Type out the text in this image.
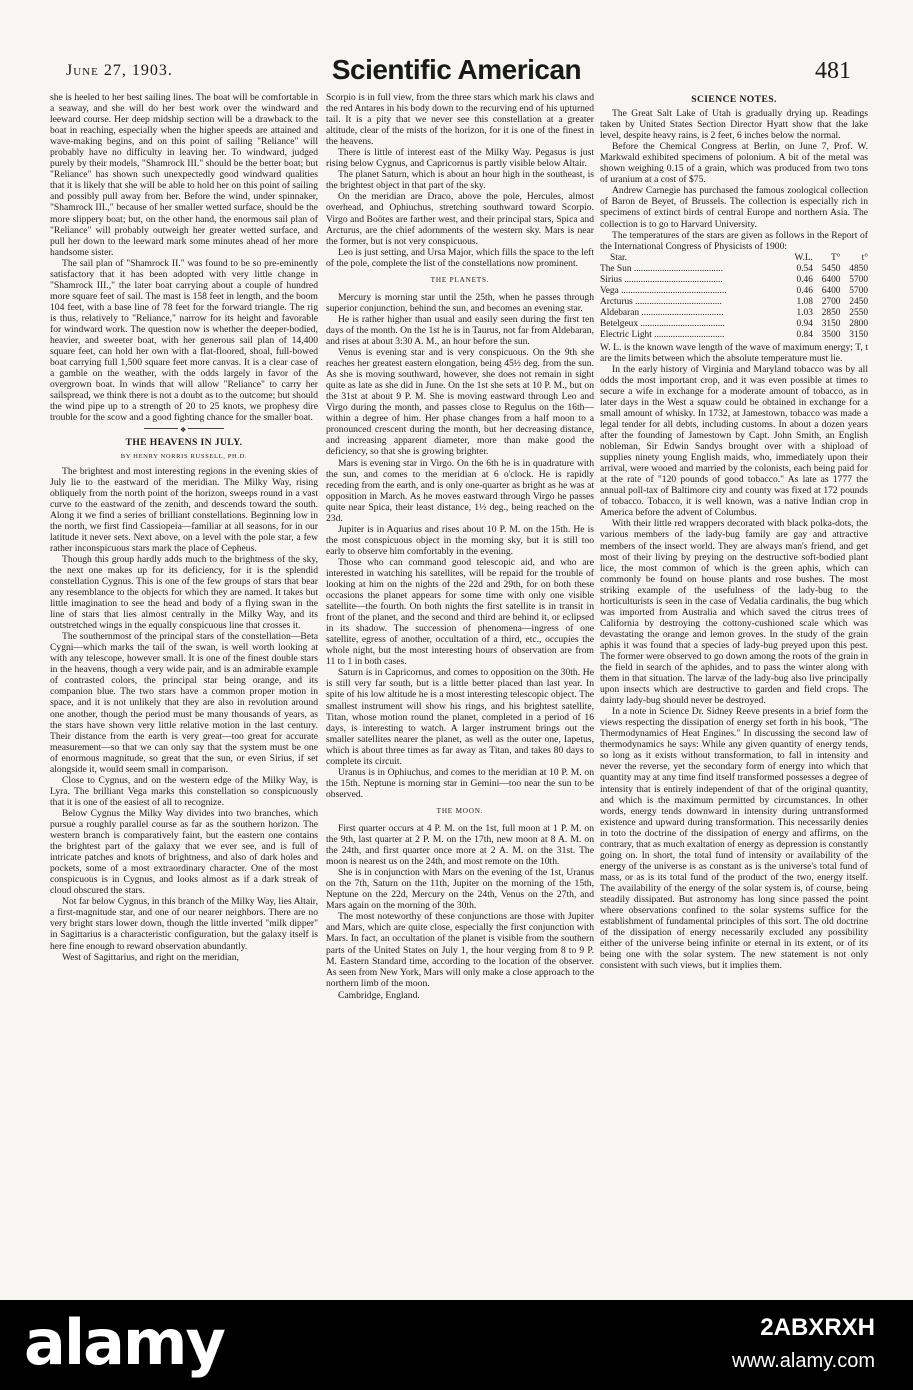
June 27, 1903.	Scientific American	481

she is heeled to her best sailing lines. The boat will be comfortable in a seaway, and she will do her best work over the windward and leeward course. Her deep midship section will be a drawback to the boat in reaching, especially when the higher speeds are attained and wave-making begins, and on this point of sailing "Reliance" will probably have no difficulty in leaving her. To windward, judged purely by their models, "Shamrock III." should be the better boat; but "Reliance" has shown such unexpectedly good windward qualities that it is likely that she will be able to hold her on this point of sailing and possibly pull away from her. Before the wind, under spinnaker, "Shamrock III.," because of her smaller wetted surface, should be the more slippery boat; but, on the other hand, the enormous sail plan of "Reliance" will probably outweigh her greater wetted surface, and pull her down to the leeward mark some minutes ahead of her more handsome sister.

The sail plan of "Shamrock II." was found to be so pre-eminently satisfactory that it has been adopted with very little change in "Shamrock III.," the later boat carrying about a couple of hundred more square feet of sail. The mast is 158 feet in length, and the boom 104 feet, with a base line of 78 feet for the forward triangle. The rig is thus, relatively to "Reliance," narrow for its height and favorable for windward work. The question now is whether the deeper-bodied, heavier, and sweeter boat, with her generous sail plan of 14,400 square feet, can hold her own with a flat-floored, shoal, full-bowed boat carrying full 1,500 square feet more canvas. It is a clear case of a gamble on the weather, with the odds largely in favor of the overgrown boat. In winds that will allow "Reliance" to carry her sailspread, we think there is not a doubt as to the outcome; but should the wind pipe up to a strength of 20 to 25 knots, we prophesy dire trouble for the scow and a good fighting chance for the smaller boat.

❖
THE HEAVENS IN JULY.
BY HENRY NORRIS RUSSELL, PH.D.

The brightest and most interesting regions in the evening skies of July lie to the eastward of the meridian. The Milky Way, rising obliquely from the north point of the horizon, sweeps round in a vast curve to the eastward of the zenith, and descends toward the south. Along it we find a series of brilliant constellations. Beginning low in the north, we first find Cassiopeia—familiar at all seasons, for in our latitude it never sets. Next above, on a level with the pole star, a few rather inconspicuous stars mark the place of Cepheus.

Though this group hardly adds much to the brightness of the sky, the next one makes up for its deficiency, for it is the splendid constellation Cygnus. This is one of the few groups of stars that bear any resemblance to the objects for which they are named. It takes but little imagination to see the head and body of a flying swan in the line of stars that lies almost centrally in the Milky Way, and its outstretched wings in the equally conspicuous line that crosses it.

The southernmost of the principal stars of the constellation—Beta Cygni—which marks the tail of the swan, is well worth looking at with any telescope, however small. It is one of the finest double stars in the heavens, though a very wide pair, and is an admirable example of contrasted colors, the principal star being orange, and its companion blue. The two stars have a common proper motion in space, and it is not unlikely that they are also in revolution around one another, though the period must be many thousands of years, as the stars have shown very little relative motion in the last century. Their distance from the earth is very great—too great for accurate measurement—so that we can only say that the system must be one of enormous magnitude, so great that the sun, or even Sirius, if set alongside it, would seem small in comparison.

Close to Cygnus, and on the western edge of the Milky Way, is Lyra. The brilliant Vega marks this constellation so conspicuously that it is one of the easiest of all to recognize.

Below Cygnus the Milky Way divides into two branches, which pursue a roughly parallel course as far as the southern horizon. The western branch is comparatively faint, but the eastern one contains the brightest part of the galaxy that we ever see, and is full of intricate patches and knots of brightness, and also of dark holes and pockets, some of a most extraordinary character. One of the most conspicuous is in Cygnus, and looks almost as if a dark streak of cloud obscured the stars.

Not far below Cygnus, in this branch of the Milky Way, lies Altair, a first-magnitude star, and one of our nearer neighbors. There are no very bright stars lower down, though the little inverted "milk dipper" in Sagittarius is a characteristic configuration, but the galaxy itself is here fine enough to reward observation abundantly.

West of Sagittarius, and right on the meridian,

Scorpio is in full view, from the three stars which mark his claws and the red Antares in his body down to the recurving end of his upturned tail. It is a pity that we never see this constellation at a greater altitude, clear of the mists of the horizon, for it is one of the finest in the heavens.

There is little of interest east of the Milky Way. Pegasus is just rising below Cygnus, and Capricornus is partly visible below Altair.

The planet Saturn, which is about an hour high in the southeast, is the brightest object in that part of the sky.

On the meridian are Draco, above the pole, Hercules, almost overhead, and Ophiuchus, stretching southward toward Scorpio. Virgo and Boötes are farther west, and their principal stars, Spica and Arcturus, are the chief adornments of the western sky. Mars is near the former, but is not very conspicuous.

Leo is just setting, and Ursa Major, which fills the space to the left of the pole, complete the list of the constellations now prominent.

THE PLANETS.

Mercury is morning star until the 25th, when he passes through superior conjunction, behind the sun, and becomes an evening star.

He is rather higher than usual and easily seen during the first ten days of the month. On the 1st he is in Taurus, not far from Aldebaran, and rises at about 3:30 A. M., an hour before the sun.

Venus is evening star and is very conspicuous. On the 9th she reaches her greatest eastern elongation, being 45½ deg. from the sun. As she is moving southward, however, she does not remain in sight quite as late as she did in June. On the 1st she sets at 10 P. M., but on the 31st at about 9 P. M. She is moving eastward through Leo and Virgo during the month, and passes close to Regulus on the 16th—within a degree of him. Her phase changes from a half moon to a pronounced crescent during the month, but her decreasing distance, and increasing apparent diameter, more than make good the deficiency, so that she is growing brighter.

Mars is evening star in Virgo. On the 6th he is in quadrature with the sun, and comes to the meridian at 6 o'clock. He is rapidly receding from the earth, and is only one-quarter as bright as he was at opposition in March. As he moves eastward through Virgo he passes quite near Spica, their least distance, 1½ deg., being reached on the 23d.

Jupiter is in Aquarius and rises about 10 P. M. on the 15th. He is the most conspicuous object in the morning sky, but it is still too early to observe him comfortably in the evening.

Those who can command good telescopic aid, and who are interested in watching his satellites, will be repaid for the trouble of looking at him on the nights of the 22d and 29th, for on both these occasions the planet appears for some time with only one visible satellite—the fourth. On both nights the first satellite is in transit in front of the planet, and the second and third are behind it, or eclipsed in its shadow. The succession of phenomena—ingress of one satellite, egress of another, occultation of a third, etc., occupies the whole night, but the most interesting hours of observation are from 11 to 1 in both cases.

Saturn is in Capricornus, and comes to opposition on the 30th. He is still very far south, but is a little better placed than last year. In spite of his low altitude he is a most interesting telescopic object. The smallest instrument will show his rings, and his brightest satellite, Titan, whose motion round the planet, completed in a period of 16 days, is interesting to watch. A larger instrument brings out the smaller satellites nearer the planet, as well as the outer one, Iapetus, which is about three times as far away as Titan, and takes 80 days to complete its circuit.

Uranus is in Ophiuchus, and comes to the meridian at 10 P. M. on the 15th. Neptune is morning star in Gemini—too near the sun to be observed.

THE MOON.

First quarter occurs at 4 P. M. on the 1st, full moon at 1 P. M. on the 9th, last quarter at 2 P. M. on the 17th, new moon at 8 A. M. on the 24th, and first quarter once more at 2 A. M. on the 31st. The moon is nearest us on the 24th, and most remote on the 10th.

She is in conjunction with Mars on the evening of the 1st, Uranus on the 7th, Saturn on the 11th, Jupiter on the morning of the 15th, Neptune on the 22d, Mercury on the 24th, Venus on the 27th, and Mars again on the morning of the 30th.

The most noteworthy of these conjunctions are those with Jupiter and Mars, which are quite close, especially the first conjunction with Mars. In fact, an occultation of the planet is visible from the southern parts of the United States on July 1, the hour verging from 8 to 9 P. M. Eastern Standard time, according to the location of the observer. As seen from New York, Mars will only make a close approach to the northern limb of the moon.

Cambridge, England.

SCIENCE NOTES.

The Great Salt Lake of Utah is gradually drying up. Readings taken by United States Section Director Hyatt show that the lake level, despite heavy rains, is 2 feet, 6 inches below the normal.

Before the Chemical Congress at Berlin, on June 7, Prof. W. Markwald exhibited specimens of polonium. A bit of the metal was shown weighing 0.15 of a grain, which was produced from two tons of uranium at a cost of $75.

Andrew Carnegie has purchased the famous zoological collection of Baron de Beyet, of Brussels. The collection is especially rich in specimens of extinct birds of central Europe and northern Asia. The collection is to go to Harvard University.

The temperatures of the stars are given as follows in the Report of the International Congress of Physicists of 1900:

Star.	W.L.	T°	t°
The Sun ......................................	0.54	5450	4850
Sirius ..........................................	0.46	6400	5700
Vega .............................................	0.46	6400	5700
Arcturus .....................................	1.08	2700	2450
Aldebaran ...................................	1.03	2850	2550
Betelgeux ....................................	0.94	3150	2800
Electric Light ..............................	0.84	3500	3150

W. L. is the known wave length of the wave of maximum energy; T, t are the limits between which the absolute temperature must lie.

In the early history of Virginia and Maryland tobacco was by all odds the most important crop, and it was even possible at times to secure a wife in exchange for a moderate amount of tobacco, as in later days in the West a squaw could be obtained in exchange for a small amount of whisky. In 1732, at Jamestown, tobacco was made a legal tender for all debts, including customs. In about a dozen years after the founding of Jamestown by Capt. John Smith, an English nobleman, Sir Edwin Sandys brought over with a shipload of supplies ninety young English maids, who, immediately upon their arrival, were wooed and married by the colonists, each being paid for at the rate of "120 pounds of good tobacco." As late as 1777 the annual poll-tax of Baltimore city and county was fixed at 172 pounds of tobacco. Tobacco, it is well known, was a native Indian crop in America before the advent of Columbus.

With their little red wrappers decorated with black polka-dots, the various members of the lady-bug family are gay and attractive members of the insect world. They are always man's friend, and get most of their living by preying on the destructive soft-bodied plant lice, the most common of which is the green aphis, which can commonly be found on house plants and rose bushes. The most striking example of the usefulness of the lady-bug to the horticulturists is seen in the case of Vedalia cardinalis, the bug which was imported from Australia and which saved the citrus trees of California by destroying the cottony-cushioned scale which was devastating the orange and lemon groves. In the study of the grain aphis it was found that a species of lady-bug preyed upon this pest. The former were observed to go down among the roots of the grain in the field in search of the aphides, and to pass the winter along with them in that situation. The larvæ of the lady-bug also live principally upon insects which are destructive to garden and field crops. The dainty lady-bug should never be destroyed.

In a note in Science Dr. Sidney Reeve presents in a brief form the views respecting the dissipation of energy set forth in his book, "The Thermodynamics of Heat Engines." In discussing the second law of thermodynamics he says: While any given quantity of energy tends, so long as it exists without transformation, to fall in intensity and never the reverse, yet the secondary form of energy into which that quantity may at any time find itself transformed possesses a degree of intensity that is entirely independent of that of the original quantity, and which is the maximum permitted by circumstances. In other words, energy tends downward in intensity during untransformed existence and upward during transformation. This necessarily denies in toto the doctrine of the dissipation of energy and affirms, on the contrary, that as much exaltation of energy as depression is constantly going on. In short, the total fund of intensity or availability of the energy of the universe is as constant as is the universe's total fund of mass, or as is its total fund of the product of the two, energy itself. The availability of the energy of the solar system is, of course, being steadily dissipated. But astronomy has long since passed the point where observations confined to the solar systems suffice for the establishment of fundamental principles of this sort. The old doctrine of the dissipation of energy necessarily excluded any possibility either of the universe being infinite or eternal in its extent, or of its being one with the solar system. The new statement is not only consistent with such views, but it implies them.

alamy	2ABXRXH
www.alamy.com
